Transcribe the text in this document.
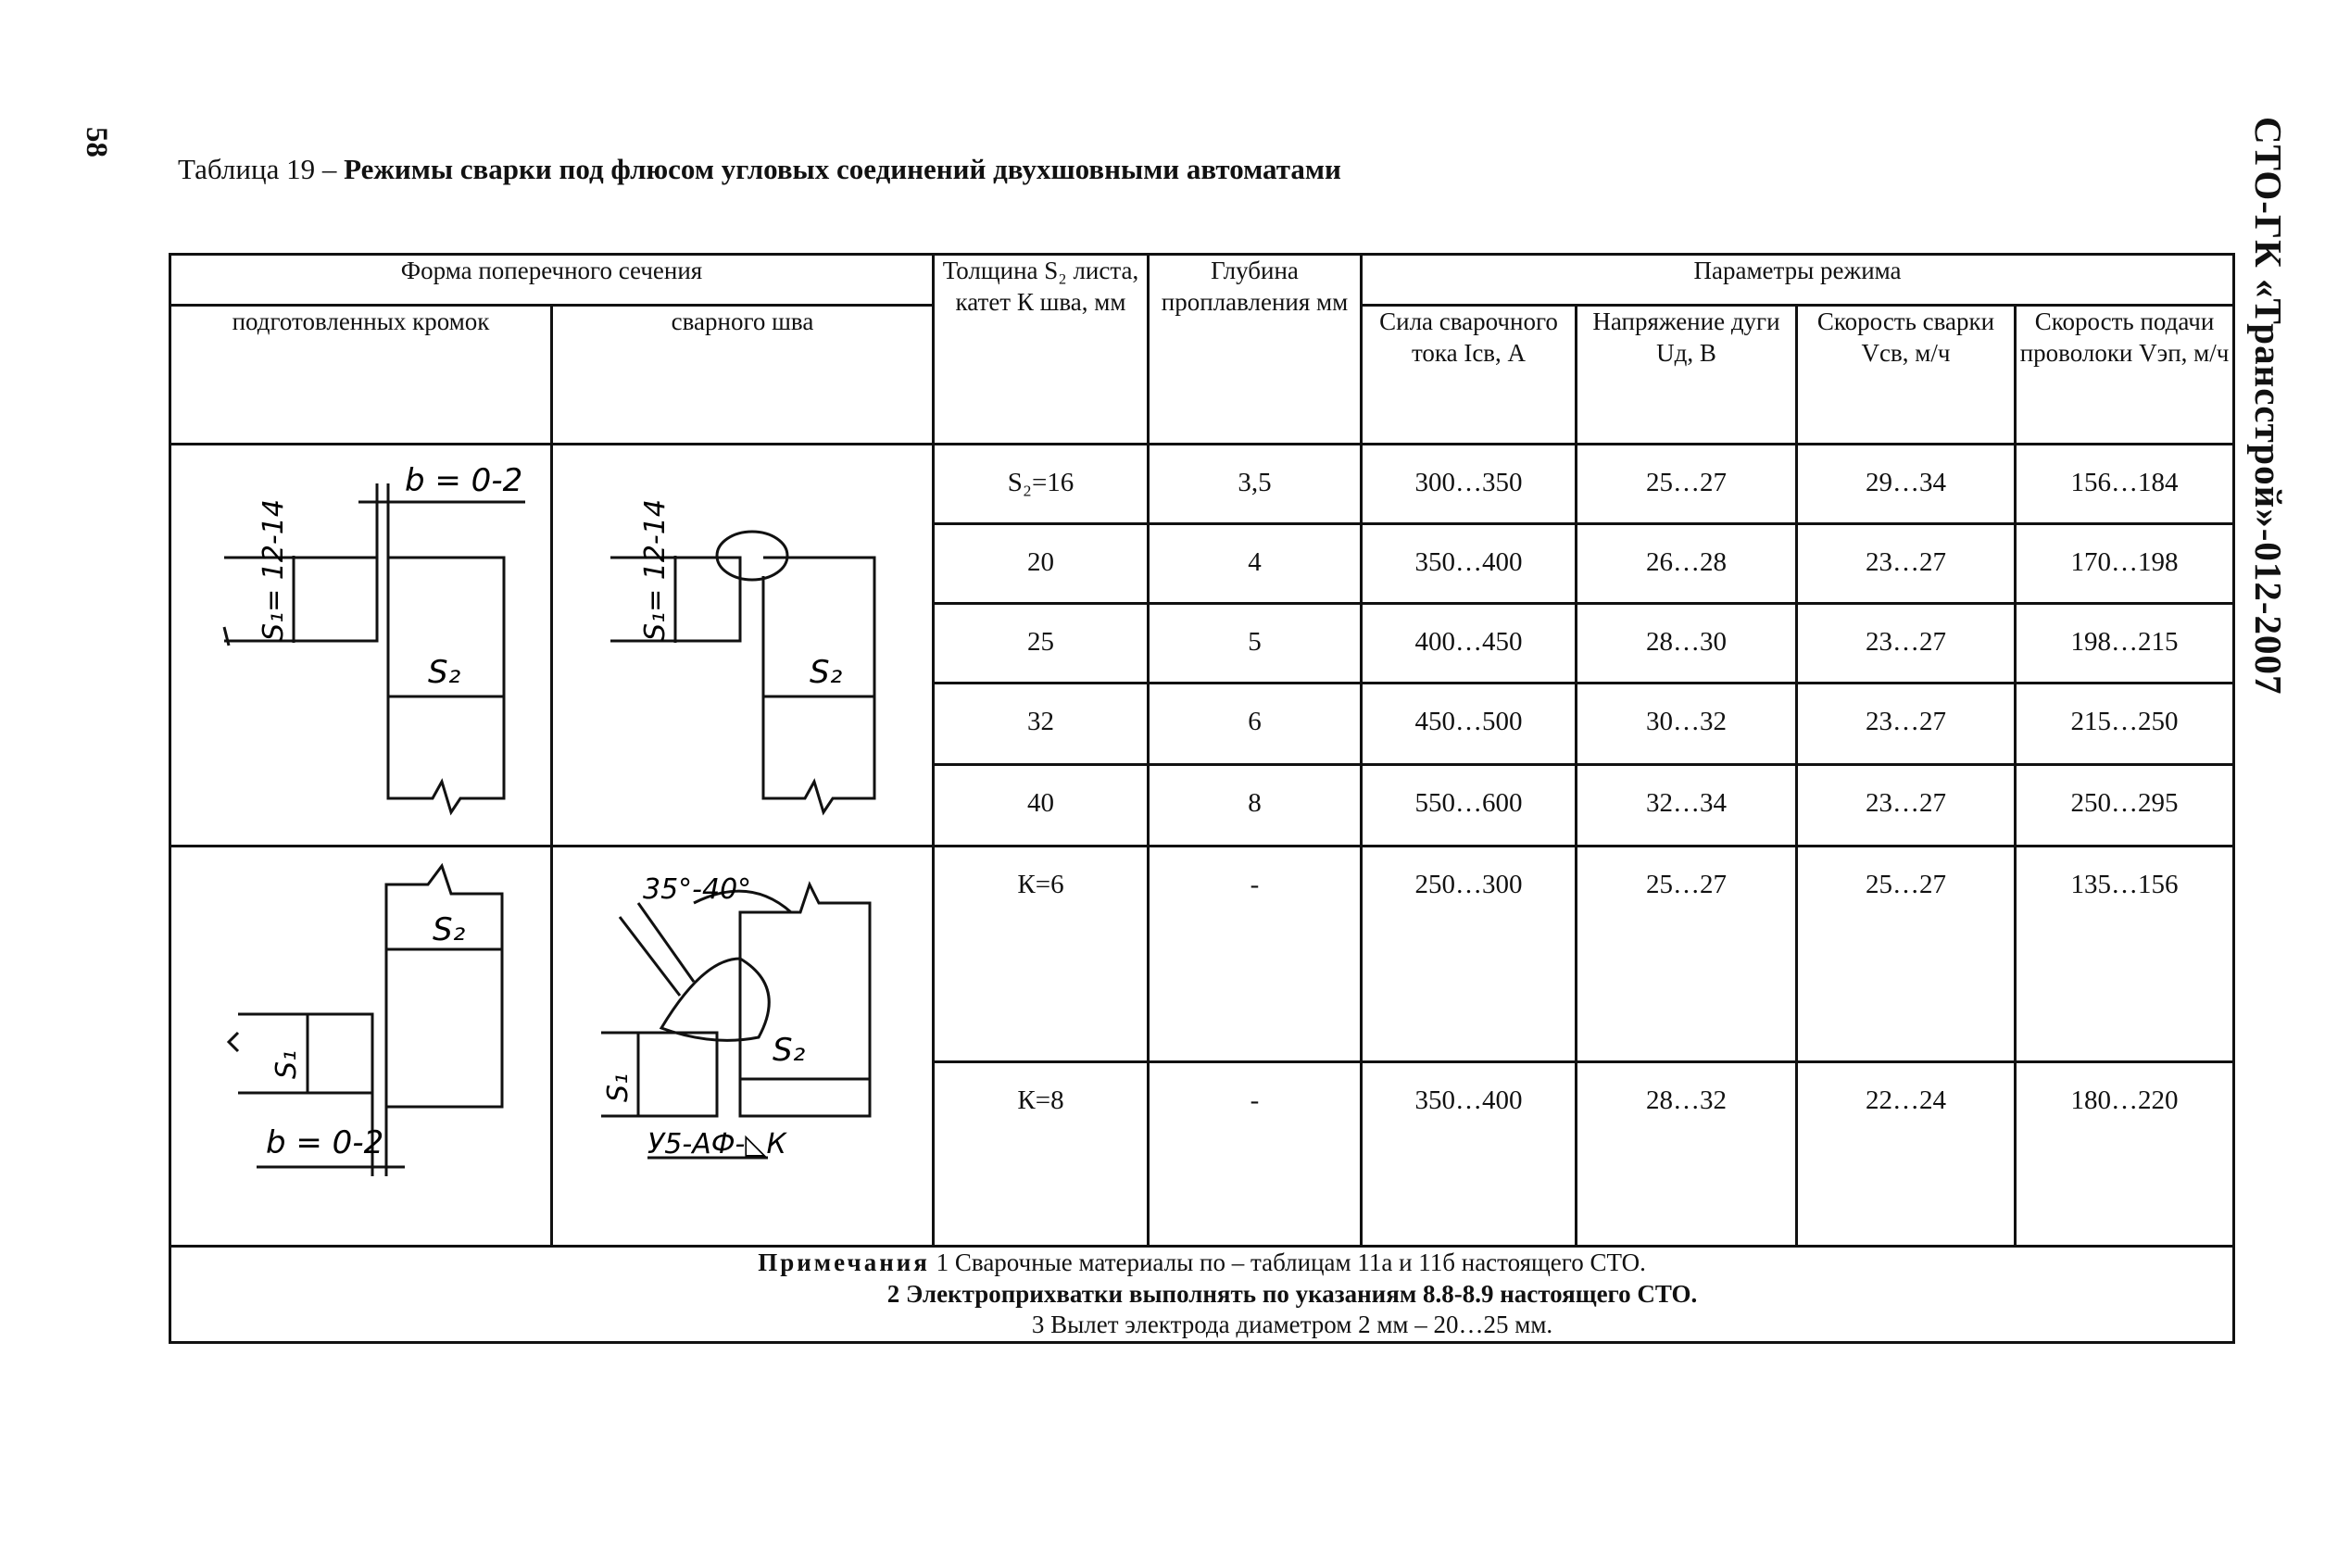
58	СТО-ГК «Трансстрой»-012-2007
Таблица 19 – Режимы сварки под флюсом угловых соединений двухшовными автоматами
Форма поперечного сечения		Толщина S₂ листа, катет К шва, мм	Глубина проплавления мм	Параметры режима			
подготовленных кромок	сварного шва			Сила сварочного тока Iсв, А	Напряжение дуги Uд, В	Скорость сварки Vсв, м/ч	Скорость подачи проволоки Vэп, м/ч

b = 0-2
S₁= 12-14
S₂	S₁= 12-14
S₂	S₂=16	3,5	300…350	25…27	29…34	156…184
		20	4	350…400	26…28	23…27	170…198
		25	5	400…450	28…30	23…27	198…215
		32	6	450…500	30…32	23…27	215…250
		40	8	550…600	32…34	23…27	250…295

S₂
S₁
b = 0-2	35°-40°
S₂
S₁
У5-АФ-◺К	К=6	-	250…300	25…27	25…27	135…156
		К=8	-	350…400	28…32	22…24	180…220
Примечания 1 Сварочные материалы по – таблицам 11а и 11б настоящего СТО.
2 Электроприхватки выполнять по указаниям 8.8-8.9 настоящего СТО.
3 Вылет электрода диаметром 2 мм – 20…25 мм.							
